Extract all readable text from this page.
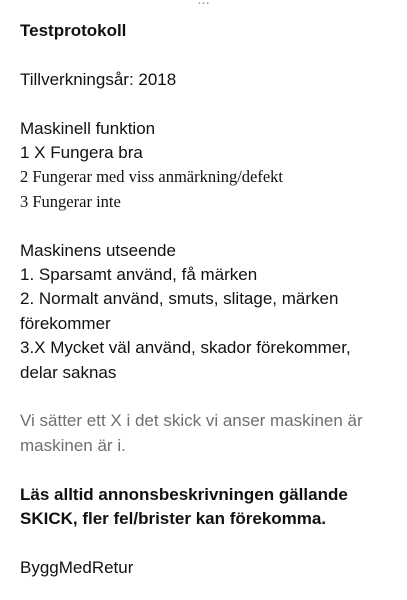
Testprotokoll
Tillverkningsår: 2018
Maskinell funktion
1 X Fungera bra
2 Fungerar med viss anmärkning/defekt
3 Fungerar inte
Maskinens utseende
1. Sparsamt använd, få märken
2. Normalt använd, smuts, slitage, märken
förekommer
3.X Mycket väl använd, skador förekommer,
delar saknas
Vi sätter ett X i det skick vi anser maskinen är
maskinen är i.
Läs alltid annonsbeskrivningen gällande
SKICK, fler fel/brister kan förekomma.
ByggMedRetur
